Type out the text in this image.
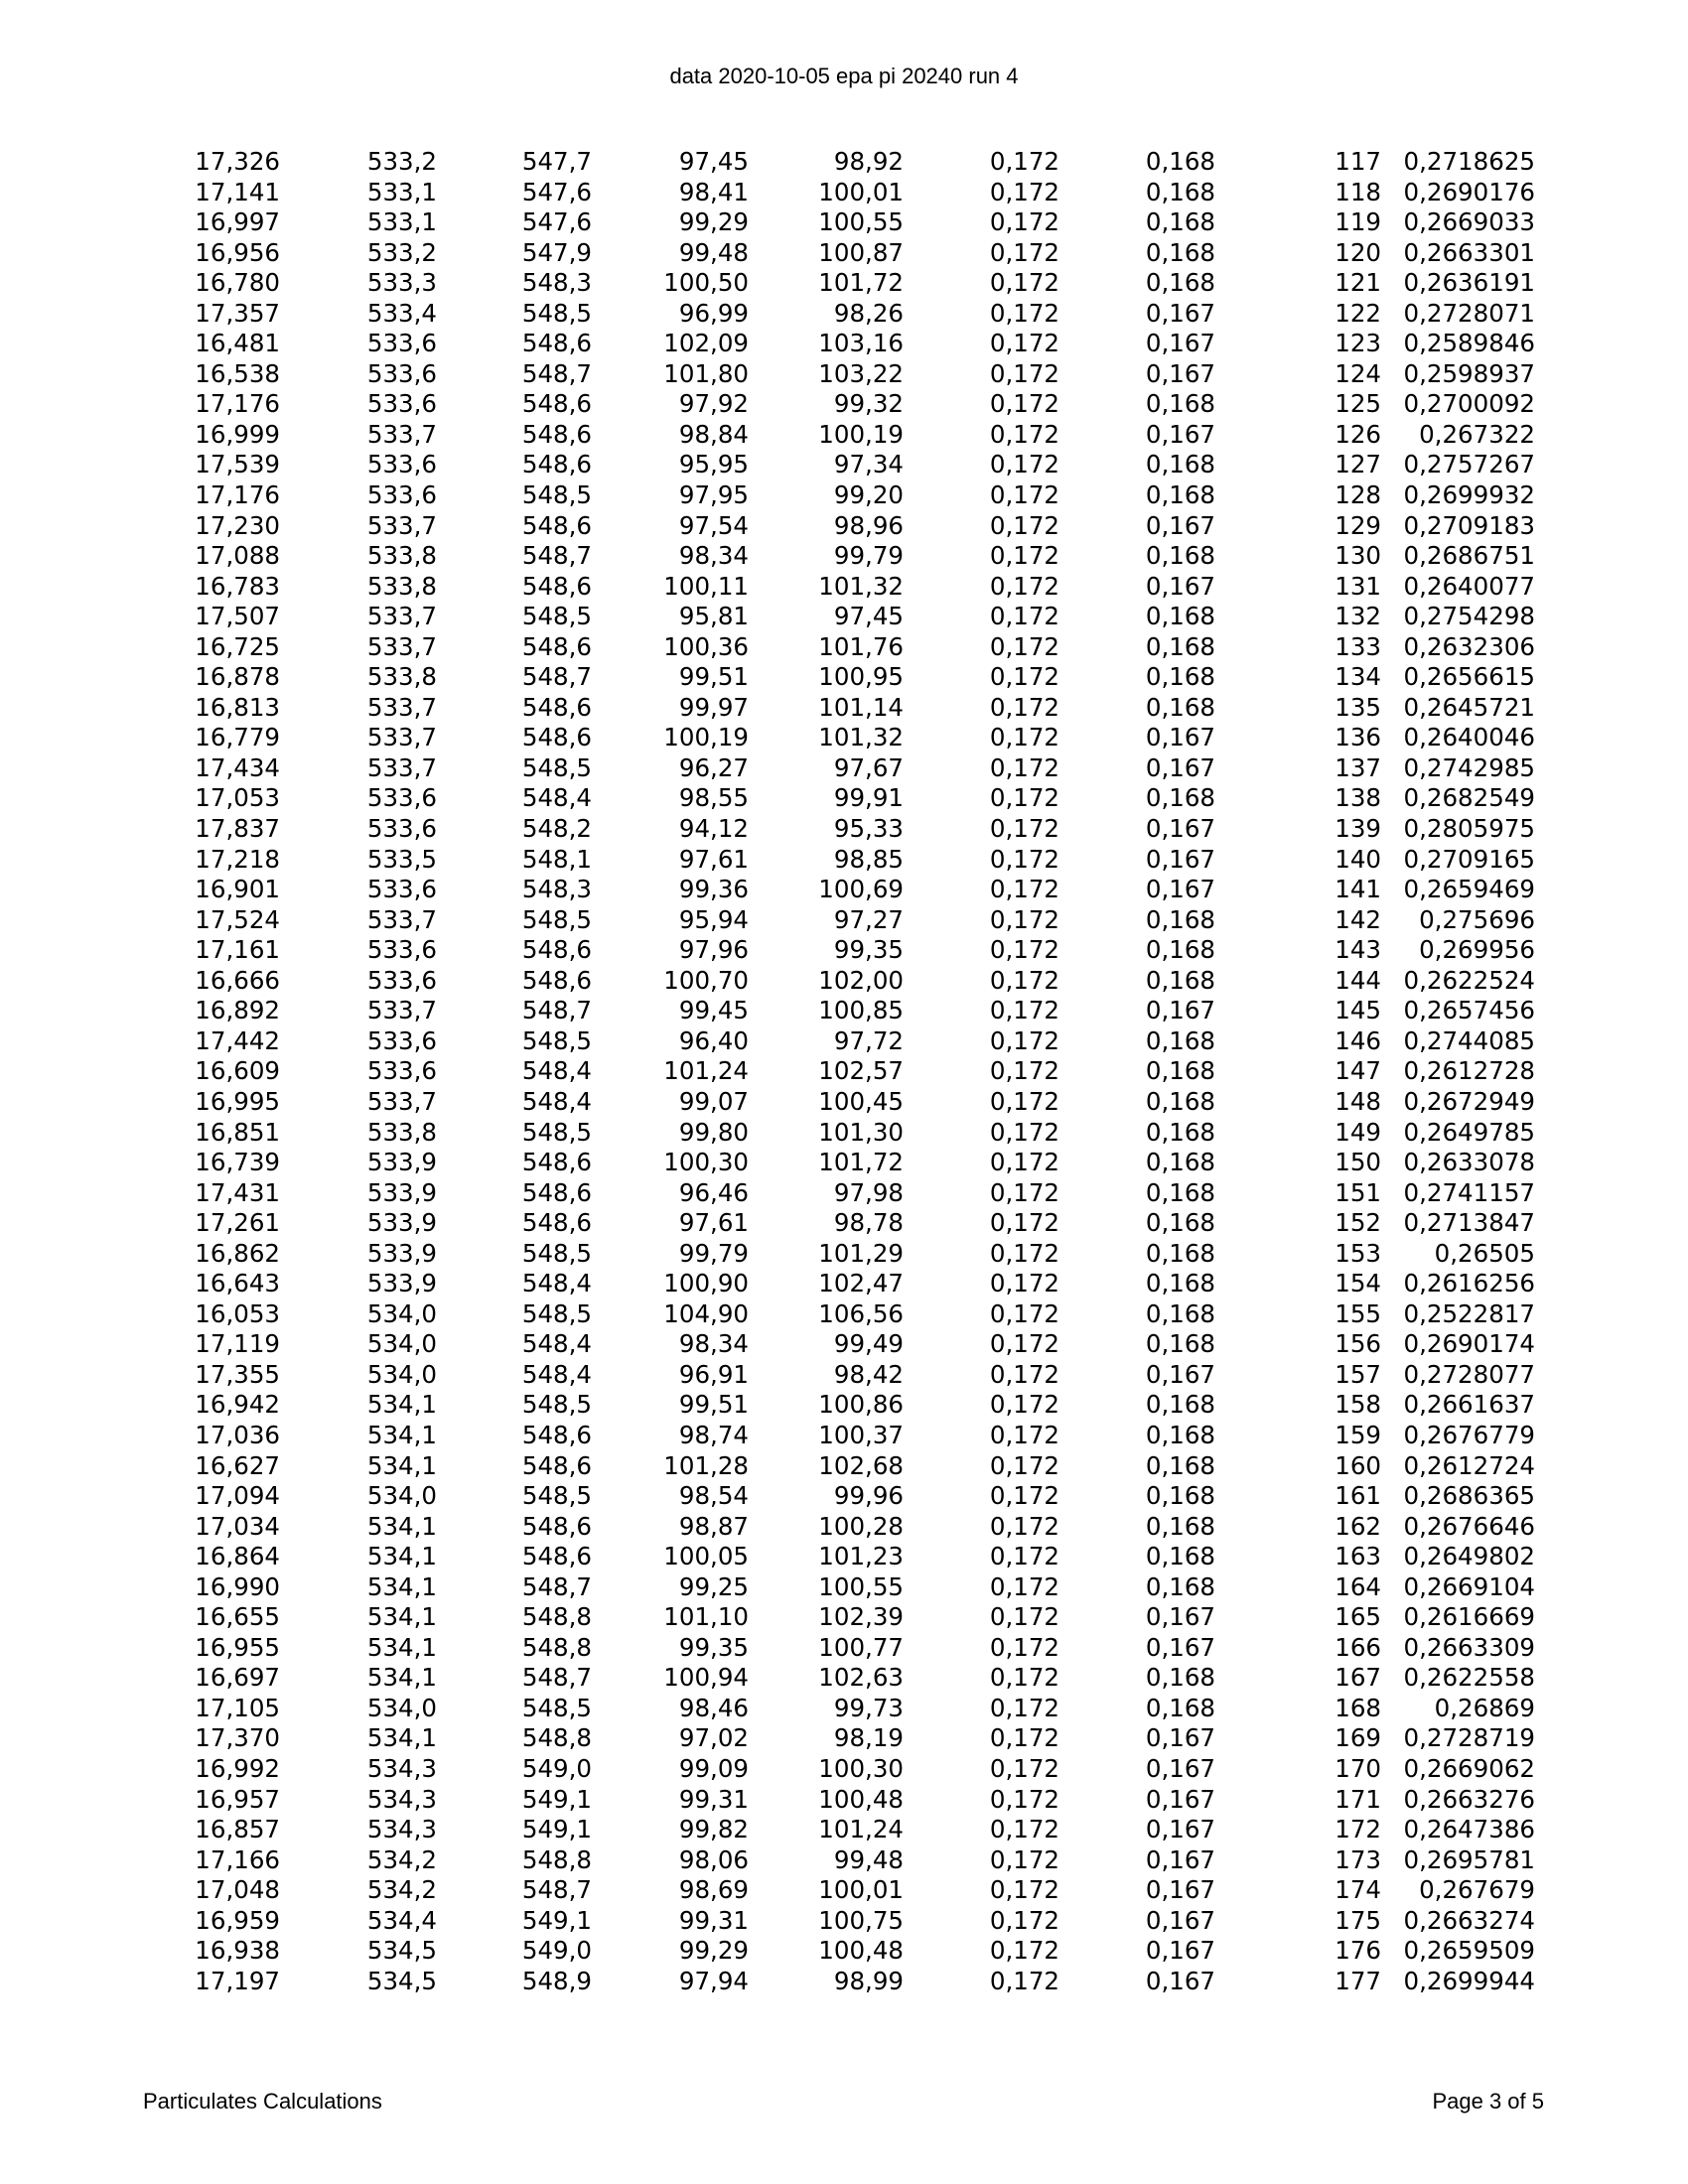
data 2020-10-05 epa pi 20240 run 4
17,326	533,2	547,7	97,45	98,92	0,172	0,168	117	0,2718625
17,141	533,1	547,6	98,41	100,01	0,172	0,168	118	0,2690176
16,997	533,1	547,6	99,29	100,55	0,172	0,168	119	0,2669033
16,956	533,2	547,9	99,48	100,87	0,172	0,168	120	0,2663301
16,780	533,3	548,3	100,50	101,72	0,172	0,168	121	0,2636191
17,357	533,4	548,5	96,99	98,26	0,172	0,167	122	0,2728071
16,481	533,6	548,6	102,09	103,16	0,172	0,167	123	0,2589846
16,538	533,6	548,7	101,80	103,22	0,172	0,167	124	0,2598937
17,176	533,6	548,6	97,92	99,32	0,172	0,168	125	0,2700092
16,999	533,7	548,6	98,84	100,19	0,172	0,167	126	0,267322
17,539	533,6	548,6	95,95	97,34	0,172	0,168	127	0,2757267
17,176	533,6	548,5	97,95	99,20	0,172	0,168	128	0,2699932
17,230	533,7	548,6	97,54	98,96	0,172	0,167	129	0,2709183
17,088	533,8	548,7	98,34	99,79	0,172	0,168	130	0,2686751
16,783	533,8	548,6	100,11	101,32	0,172	0,167	131	0,2640077
17,507	533,7	548,5	95,81	97,45	0,172	0,168	132	0,2754298
16,725	533,7	548,6	100,36	101,76	0,172	0,168	133	0,2632306
16,878	533,8	548,7	99,51	100,95	0,172	0,168	134	0,2656615
16,813	533,7	548,6	99,97	101,14	0,172	0,168	135	0,2645721
16,779	533,7	548,6	100,19	101,32	0,172	0,167	136	0,2640046
17,434	533,7	548,5	96,27	97,67	0,172	0,167	137	0,2742985
17,053	533,6	548,4	98,55	99,91	0,172	0,168	138	0,2682549
17,837	533,6	548,2	94,12	95,33	0,172	0,167	139	0,2805975
17,218	533,5	548,1	97,61	98,85	0,172	0,167	140	0,2709165
16,901	533,6	548,3	99,36	100,69	0,172	0,167	141	0,2659469
17,524	533,7	548,5	95,94	97,27	0,172	0,168	142	0,275696
17,161	533,6	548,6	97,96	99,35	0,172	0,168	143	0,269956
16,666	533,6	548,6	100,70	102,00	0,172	0,168	144	0,2622524
16,892	533,7	548,7	99,45	100,85	0,172	0,167	145	0,2657456
17,442	533,6	548,5	96,40	97,72	0,172	0,168	146	0,2744085
16,609	533,6	548,4	101,24	102,57	0,172	0,168	147	0,2612728
16,995	533,7	548,4	99,07	100,45	0,172	0,168	148	0,2672949
16,851	533,8	548,5	99,80	101,30	0,172	0,168	149	0,2649785
16,739	533,9	548,6	100,30	101,72	0,172	0,168	150	0,2633078
17,431	533,9	548,6	96,46	97,98	0,172	0,168	151	0,2741157
17,261	533,9	548,6	97,61	98,78	0,172	0,168	152	0,2713847
16,862	533,9	548,5	99,79	101,29	0,172	0,168	153	0,26505
16,643	533,9	548,4	100,90	102,47	0,172	0,168	154	0,2616256
16,053	534,0	548,5	104,90	106,56	0,172	0,168	155	0,2522817
17,119	534,0	548,4	98,34	99,49	0,172	0,168	156	0,2690174
17,355	534,0	548,4	96,91	98,42	0,172	0,167	157	0,2728077
16,942	534,1	548,5	99,51	100,86	0,172	0,168	158	0,2661637
17,036	534,1	548,6	98,74	100,37	0,172	0,168	159	0,2676779
16,627	534,1	548,6	101,28	102,68	0,172	0,168	160	0,2612724
17,094	534,0	548,5	98,54	99,96	0,172	0,168	161	0,2686365
17,034	534,1	548,6	98,87	100,28	0,172	0,168	162	0,2676646
16,864	534,1	548,6	100,05	101,23	0,172	0,168	163	0,2649802
16,990	534,1	548,7	99,25	100,55	0,172	0,168	164	0,2669104
16,655	534,1	548,8	101,10	102,39	0,172	0,167	165	0,2616669
16,955	534,1	548,8	99,35	100,77	0,172	0,167	166	0,2663309
16,697	534,1	548,7	100,94	102,63	0,172	0,168	167	0,2622558
17,105	534,0	548,5	98,46	99,73	0,172	0,168	168	0,26869
17,370	534,1	548,8	97,02	98,19	0,172	0,167	169	0,2728719
16,992	534,3	549,0	99,09	100,30	0,172	0,167	170	0,2669062
16,957	534,3	549,1	99,31	100,48	0,172	0,167	171	0,2663276
16,857	534,3	549,1	99,82	101,24	0,172	0,167	172	0,2647386
17,166	534,2	548,8	98,06	99,48	0,172	0,167	173	0,2695781
17,048	534,2	548,7	98,69	100,01	0,172	0,167	174	0,267679
16,959	534,4	549,1	99,31	100,75	0,172	0,167	175	0,2663274
16,938	534,5	549,0	99,29	100,48	0,172	0,167	176	0,2659509
17,197	534,5	548,9	97,94	98,99	0,172	0,167	177	0,2699944
Particulates Calculations	Page 3 of 5
